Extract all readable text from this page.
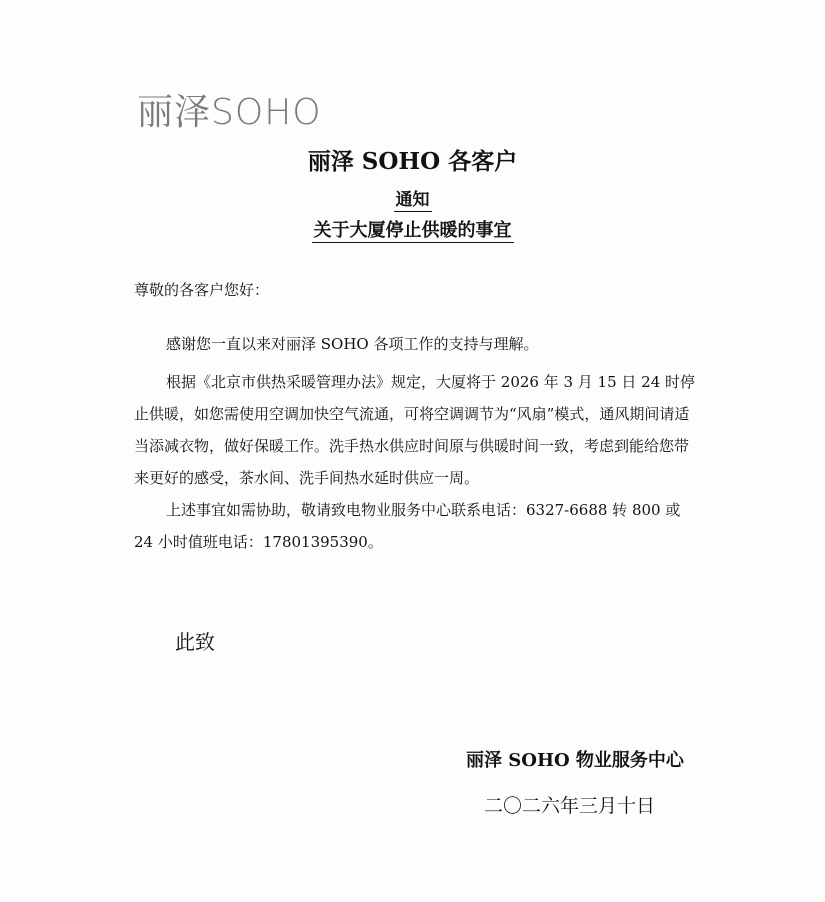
丽泽SOHO
丽泽 SOHO 各客户
通知
关于大厦停止供暖的事宜
尊敬的各客户您好：

感谢您一直以来对丽泽 SOHO 各项工作的支持与理解。

根据《北京市供热采暖管理办法》规定，大厦将于 2026 年 3 月 15 日 24 时停止供暖，如您需使用空调加快空气流通，可将空调调节为“风扇”模式，通风期间请适当添减衣物，做好保暖工作。洗手热水供应时间原与供暖时间一致，考虑到能给您带来更好的感受，茶水间、洗手间热水延时供应一周。

上述事宜如需协助，敬请致电物业服务中心联系电话：6327-6688 转 800 或 24 小时值班电话：17801395390。

此致
丽泽 SOHO 物业服务中心
二〇二六年三月十日
